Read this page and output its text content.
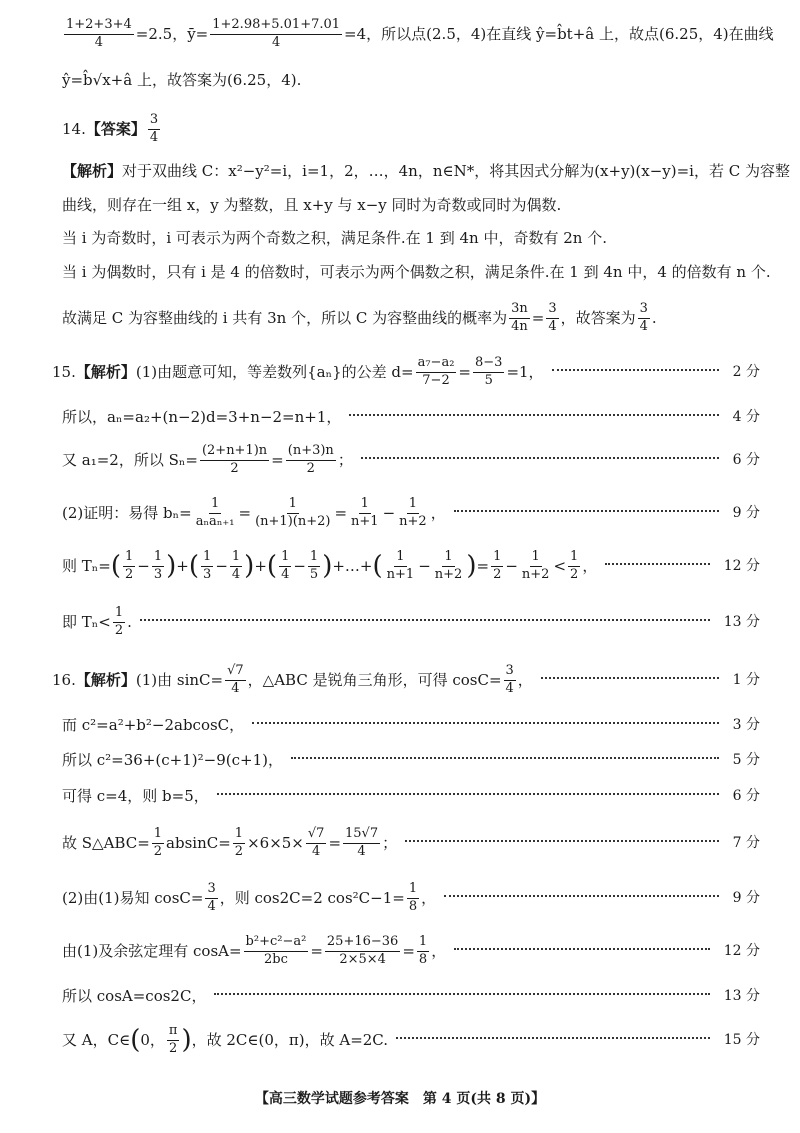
$\frac{1+2+3+4}{4} =2.5$， ȳ= $\frac{1+2.98+5.01+7.01}{4} =4$，所以点(2.5，4)在直线 ŷ=b̂t+â 上，故点(6.25，4)在曲线
ŷ=b̂√x+â 上，故答案为(6.25，4).
14. 【答案】 $\frac{3}{4}$
【解析】对于双曲线 C：x²−y²=i，i=1，2，…，4n，n∈N*，将其因式分解为(x+y)(x−y)=i，若 C 为容整
曲线，则存在一组 x，y 为整数，且 x+y 与 x−y 同时为奇数或同时为偶数.
当 i 为奇数时，i 可表示为两个奇数之积，满足条件.在 1 到 4n 中，奇数有 2n 个.
当 i 为偶数时，只有 i 是 4 的倍数时，可表示为两个偶数之积，满足条件.在 1 到 4n 中，4 的倍数有 n 个.
故满足 C 为容整曲线的 i 共有 3n 个，所以 C 为容整曲线的概率为 $\frac{3n}{4n} = \frac{3}{4}$ ，故答案为 $\frac{3}{4}$ .
15. 【解析】 (1)由题意可知，等差数列{aₙ}的公差 $d= \frac{\text{a₇−a₂}}{7-2} = \frac{8-3}{5} =1$，	2 分
所以，aₙ=a₂+(n−2)d=3+n−2=n+1，	4 分
又 a₁=2，所以 $S_n= \frac{(2+n+1)n}{2} = \frac{(n+3)n}{2}$ ；	6 分
(2)证明：易得 $b_n= \frac{1}{\text{aₙaₙ₊₁}} = \frac{1}{(n+1)(n+2)} = \frac{1}{n+1} - \frac{1}{n+2}$ ，	9 分
则 Tₙ= ( $\frac{1}{2} - \frac{1}{3}$ ) + ( $\frac{1}{3} - \frac{1}{4}$ ) + ( $\frac{1}{4} - \frac{1}{5}$ ) +…+ ( $\frac{1}{n+1} - \frac{1}{n+2}$ ) = $\frac{1}{2} - \frac{1}{n+2} < \frac{1}{2}$ ，	12 分
即 $T_n< \frac{1}{2}$ .	13 分
16. 【解析】 (1)由 $\sin C= \frac{√7}{4}$ ，△ABC 是锐角三角形，可得 $\cos C= \frac{3}{4}$ ，	1 分
而 c²=a²+b²−2abcosC，	3 分
所以 c²=36+(c+1)²−9(c+1)，	5 分
可得 c=4，则 b=5，	6 分
故 S△ABC= $\frac{1}{2} absinC= \frac{1}{2} \times 6\times 5\times \frac{√7}{4} = \frac{15√7}{4}$ ；	7 分
(2)由(1)易知 $\cos C= \frac{3}{4}$ ，则 cos2C=2 $\cos^2C-1= \frac{1}{8}$ ，	9 分
由(1)及余弦定理有 $\cos A= \frac{\text{b²+c²−a²}}{2bc} = \frac{25+16-36}{2\times 5\times 4} = \frac{1}{8}$ ，	12 分
所以 cosA=cos2C，	13 分
又 A，C∈ ( 0， $\frac{\pi}{2}$ ) ，故 2C∈(0，π)，故 A=2C.	15 分
【高三数学试题参考答案　第 4 页(共 8 页)】
